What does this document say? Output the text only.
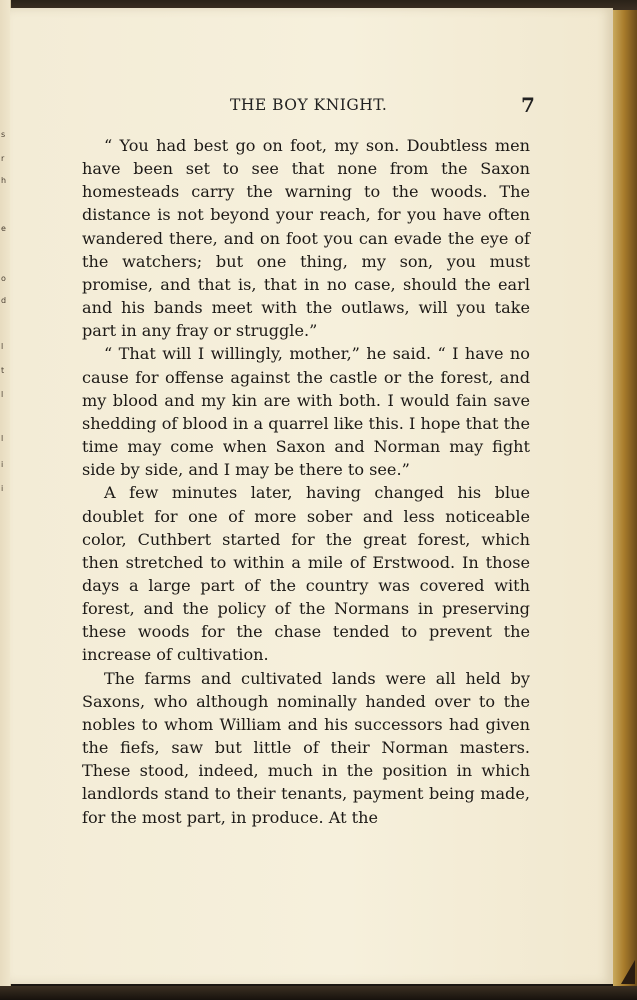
s
r
h
e
o
d
l
t
l
l
i
i
THE BOY KNIGHT.	7

“ You had best go on foot, my son. Doubtless men have been set to see that none from the Saxon homesteads carry the warning to the woods. The distance is not beyond your reach, for you have often wandered there, and on foot you can evade the eye of the watchers; but one thing, my son, you must promise, and that is, that in no case, should the earl and his bands meet with the outlaws, will you take part in any fray or struggle.”

“ That will I willingly, mother,” he said. “ I have no cause for offense against the castle or the forest, and my blood and my kin are with both. I would fain save shedding of blood in a quarrel like this. I hope that the time may come when Saxon and Norman may fight side by side, and I may be there to see.”

A few minutes later, having changed his blue doublet for one of more sober and less noticeable color, Cuthbert started for the great forest, which then stretched to within a mile of Erstwood. In those days a large part of the country was covered with forest, and the policy of the Normans in preserving these woods for the chase tended to prevent the increase of cultivation.

The farms and cultivated lands were all held by Saxons, who although nominally handed over to the nobles to whom William and his successors had given the fiefs, saw but little of their Norman masters. These stood, indeed, much in the position in which landlords stand to their tenants, payment being made, for the most part, in produce. At the
